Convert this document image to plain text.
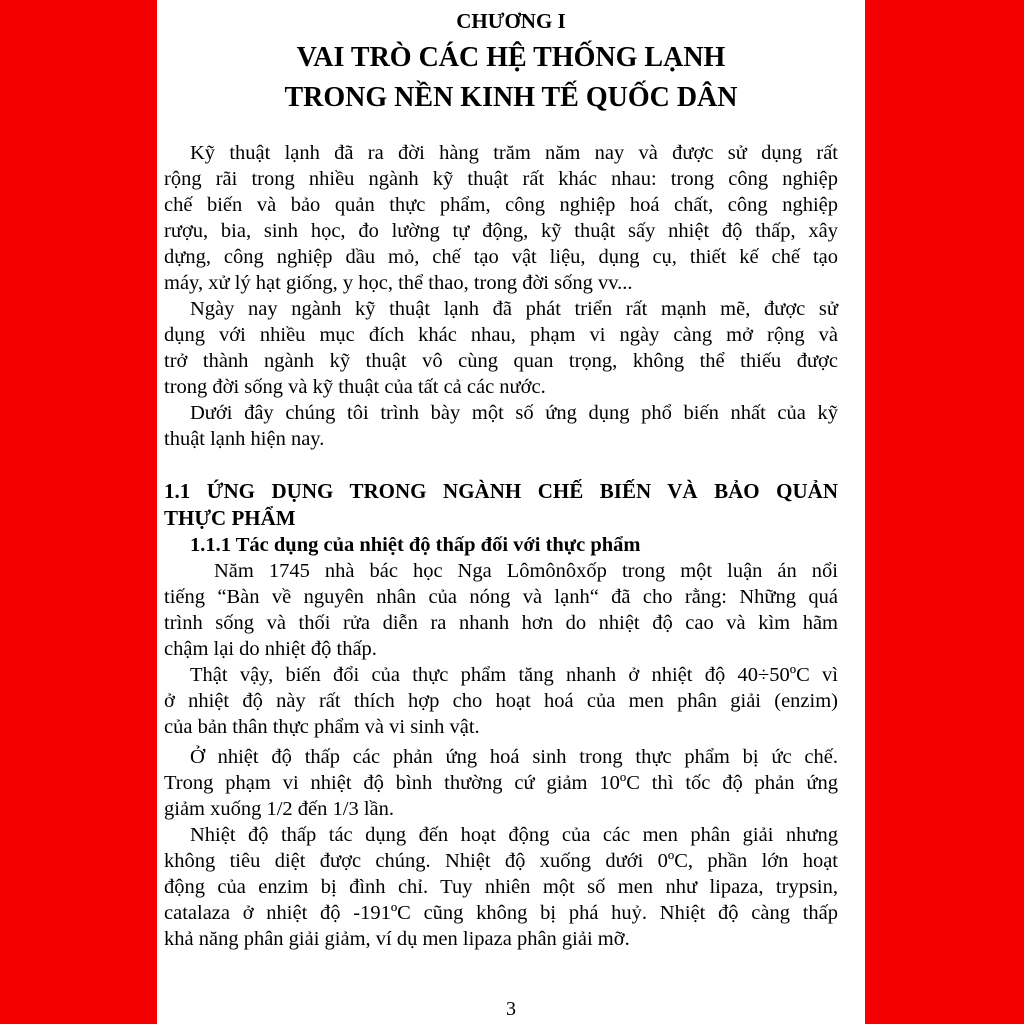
CHƯƠNG I
VAI TRÒ CÁC HỆ THỐNG LẠNH
TRONG NỀN KINH TẾ QUỐC DÂN
Kỹ thuật lạnh đã ra đời hàng trăm năm nay và được sử dụng rất
rộng rãi trong nhiều ngành kỹ thuật rất khác nhau: trong công nghiệp
chế biến và bảo quản thực phẩm, công nghiệp hoá chất, công nghiệp
rượu, bia, sinh học, đo lường tự động, kỹ thuật sấy nhiệt độ thấp, xây
dựng, công nghiệp dầu mỏ, chế tạo vật liệu, dụng cụ, thiết kế chế tạo
máy, xử lý hạt giống, y học, thể thao, trong đời sống vv...
Ngày nay ngành kỹ thuật lạnh đã phát triển rất mạnh mẽ, được sử
dụng với nhiều mục đích khác nhau, phạm vi ngày càng mở rộng và
trở thành ngành kỹ thuật vô cùng quan trọng, không thể thiếu được
trong đời sống và kỹ thuật của tất cả các nước.
Dưới đây chúng tôi trình bày một số ứng dụng phổ biến nhất của kỹ
thuật lạnh hiện nay.
1.1 ỨNG DỤNG TRONG NGÀNH CHẾ BIẾN VÀ BẢO QUẢN
THỰC PHẨM
1.1.1 Tác dụng của nhiệt độ thấp đối với thực phẩm
Năm 1745 nhà bác học Nga Lômônôxốp trong một luận án nổi
tiếng “Bàn về nguyên nhân của nóng và lạnh“ đã cho rằng: Những quá
trình sống và thối rửa diễn ra nhanh hơn do nhiệt độ cao và kìm hãm
chậm lại do nhiệt độ thấp.
Thật vậy, biến đổi của thực phẩm tăng nhanh ở nhiệt độ 40÷50ºC vì
ở nhiệt độ này rất thích hợp cho hoạt hoá của men phân giải (enzim)
của bản thân thực phẩm và vi sinh vật.
Ở nhiệt độ thấp các phản ứng hoá sinh trong thực phẩm bị ức chế.
Trong phạm vi nhiệt độ bình thường cứ giảm 10ºC thì tốc độ phản ứng
giảm xuống 1/2 đến 1/3 lần.
Nhiệt độ thấp tác dụng đến hoạt động của các men phân giải nhưng
không tiêu diệt được chúng. Nhiệt độ xuống dưới 0ºC, phần lớn hoạt
động của enzim bị đình chỉ. Tuy nhiên một số men như lipaza, trypsin,
catalaza ở nhiệt độ -191ºC cũng không bị phá huỷ. Nhiệt độ càng thấp
khả năng phân giải giảm, ví dụ men lipaza phân giải mỡ.
3
